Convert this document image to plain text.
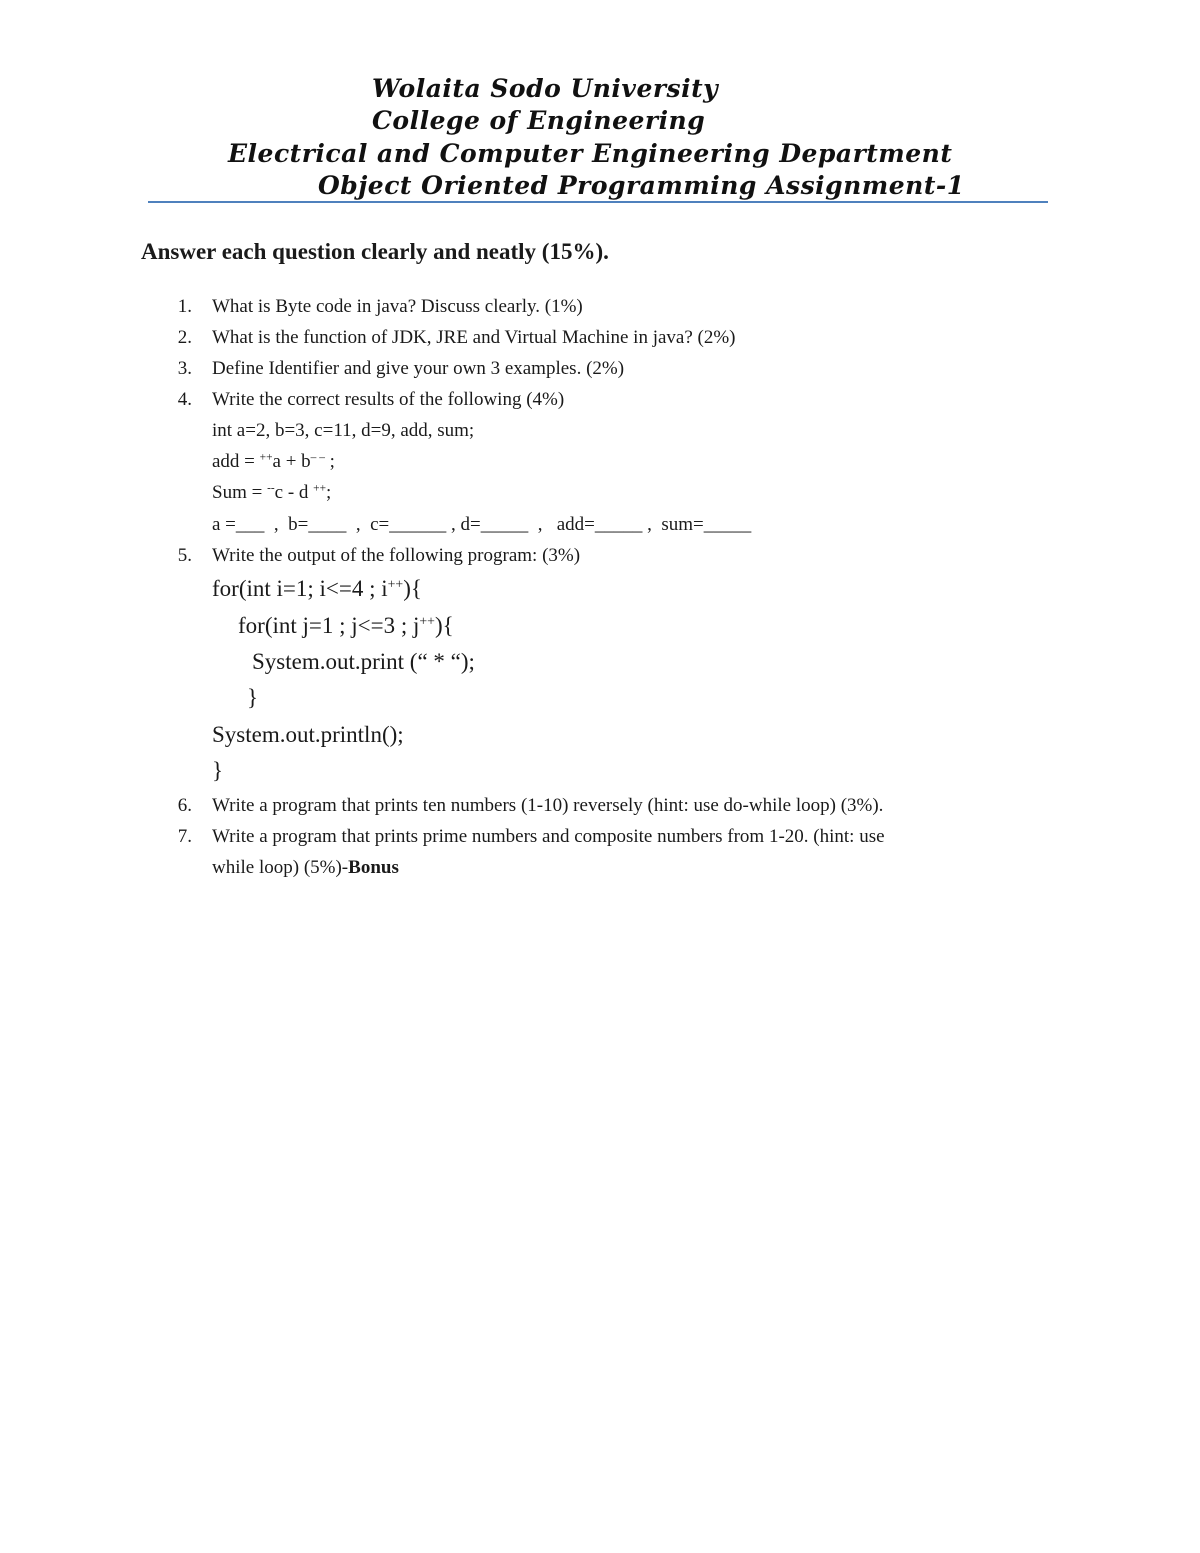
Wolaita Sodo University
College of Engineering
Electrical and Computer Engineering Department
Object Oriented Programming Assignment-1
Answer each question clearly and neatly (15%).
1. What is Byte code in java? Discuss clearly. (1%)
2. What is the function of JDK, JRE and Virtual Machine in java? (2%)
3. Define Identifier and give your own 3 examples. (2%)
4. Write the correct results of the following (4%)
int a=2, b=3, c=11, d=9, add, sum;
add = ++a + b– – ;
Sum = --c - d ++;
a =___  ,  b=____  ,  c=______ , d=_____  ,   add=_____ ,  sum=_____
5. Write the output of the following program: (3%)
for(int i=1; i<=4 ; i++){
for(int j=1 ; j<=3 ; j++){
System.out.print (“ * “);
}
System.out.println();
}
6. Write a program that prints ten numbers (1-10) reversely (hint: use do-while loop) (3%).
7. Write a program that prints prime numbers and composite numbers from 1-20. (hint: use
while loop) (5%)-Bonus
